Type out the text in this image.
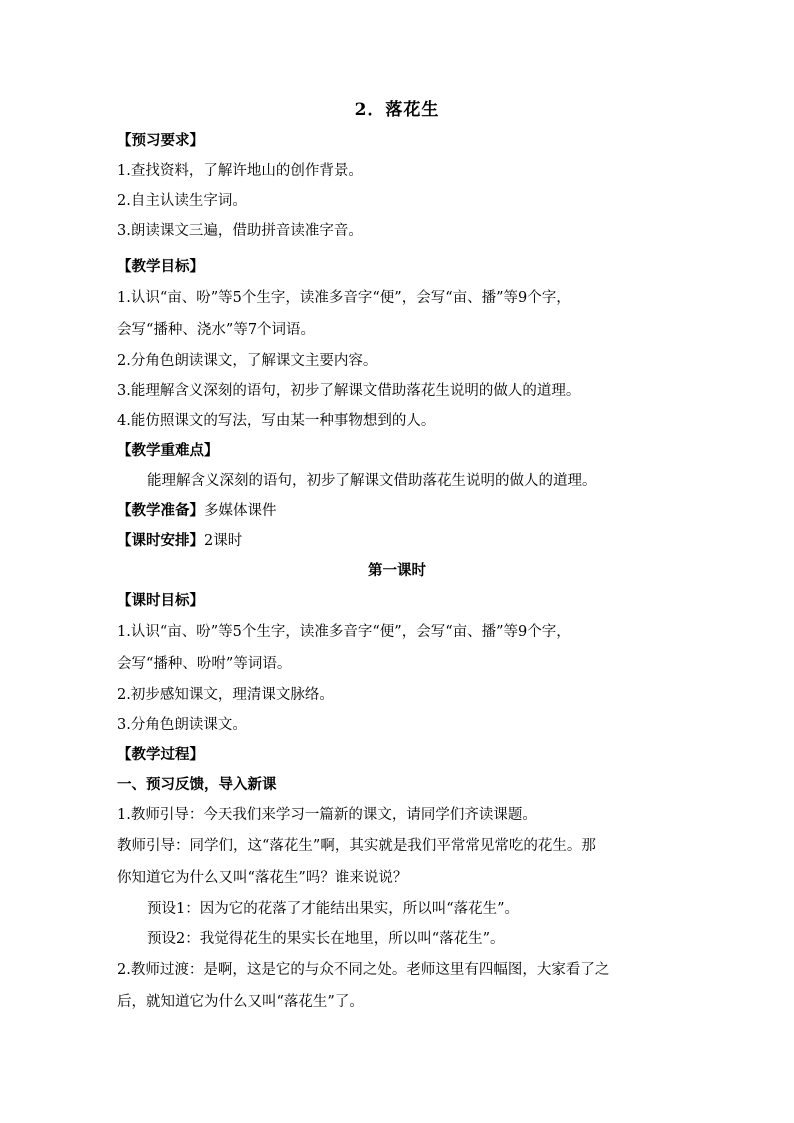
2．落花生
【预习要求】
1.查找资料，了解许地山的创作背景。
2.自主认读生字词。
3.朗读课文三遍，借助拼音读准字音。
【教学目标】
1.认识“亩、吩”等5个生字，读准多音字“便”，会写“亩、播”等9个字，
会写“播种、浇水”等7个词语。
2.分角色朗读课文，了解课文主要内容。
3.能理解含义深刻的语句，初步了解课文借助落花生说明的做人的道理。
4.能仿照课文的写法，写由某一种事物想到的人。
【教学重难点】
能理解含义深刻的语句，初步了解课文借助落花生说明的做人的道理。
【教学准备】多媒体课件
【课时安排】2课时
第一课时
【课时目标】
1.认识“亩、吩”等5个生字，读准多音字“便”，会写“亩、播”等9个字，
会写“播种、吩咐”等词语。
2.初步感知课文，理清课文脉络。
3.分角色朗读课文。
【教学过程】
一、预习反馈，导入新课
1.教师引导：今天我们来学习一篇新的课文，请同学们齐读课题。
教师引导：同学们，这“落花生”啊，其实就是我们平常常见常吃的花生。那
你知道它为什么又叫“落花生”吗？谁来说说？
预设1：因为它的花落了才能结出果实，所以叫“落花生”。
预设2：我觉得花生的果实长在地里，所以叫“落花生”。
2.教师过渡：是啊，这是它的与众不同之处。老师这里有四幅图，大家看了之
后，就知道它为什么又叫“落花生”了。
